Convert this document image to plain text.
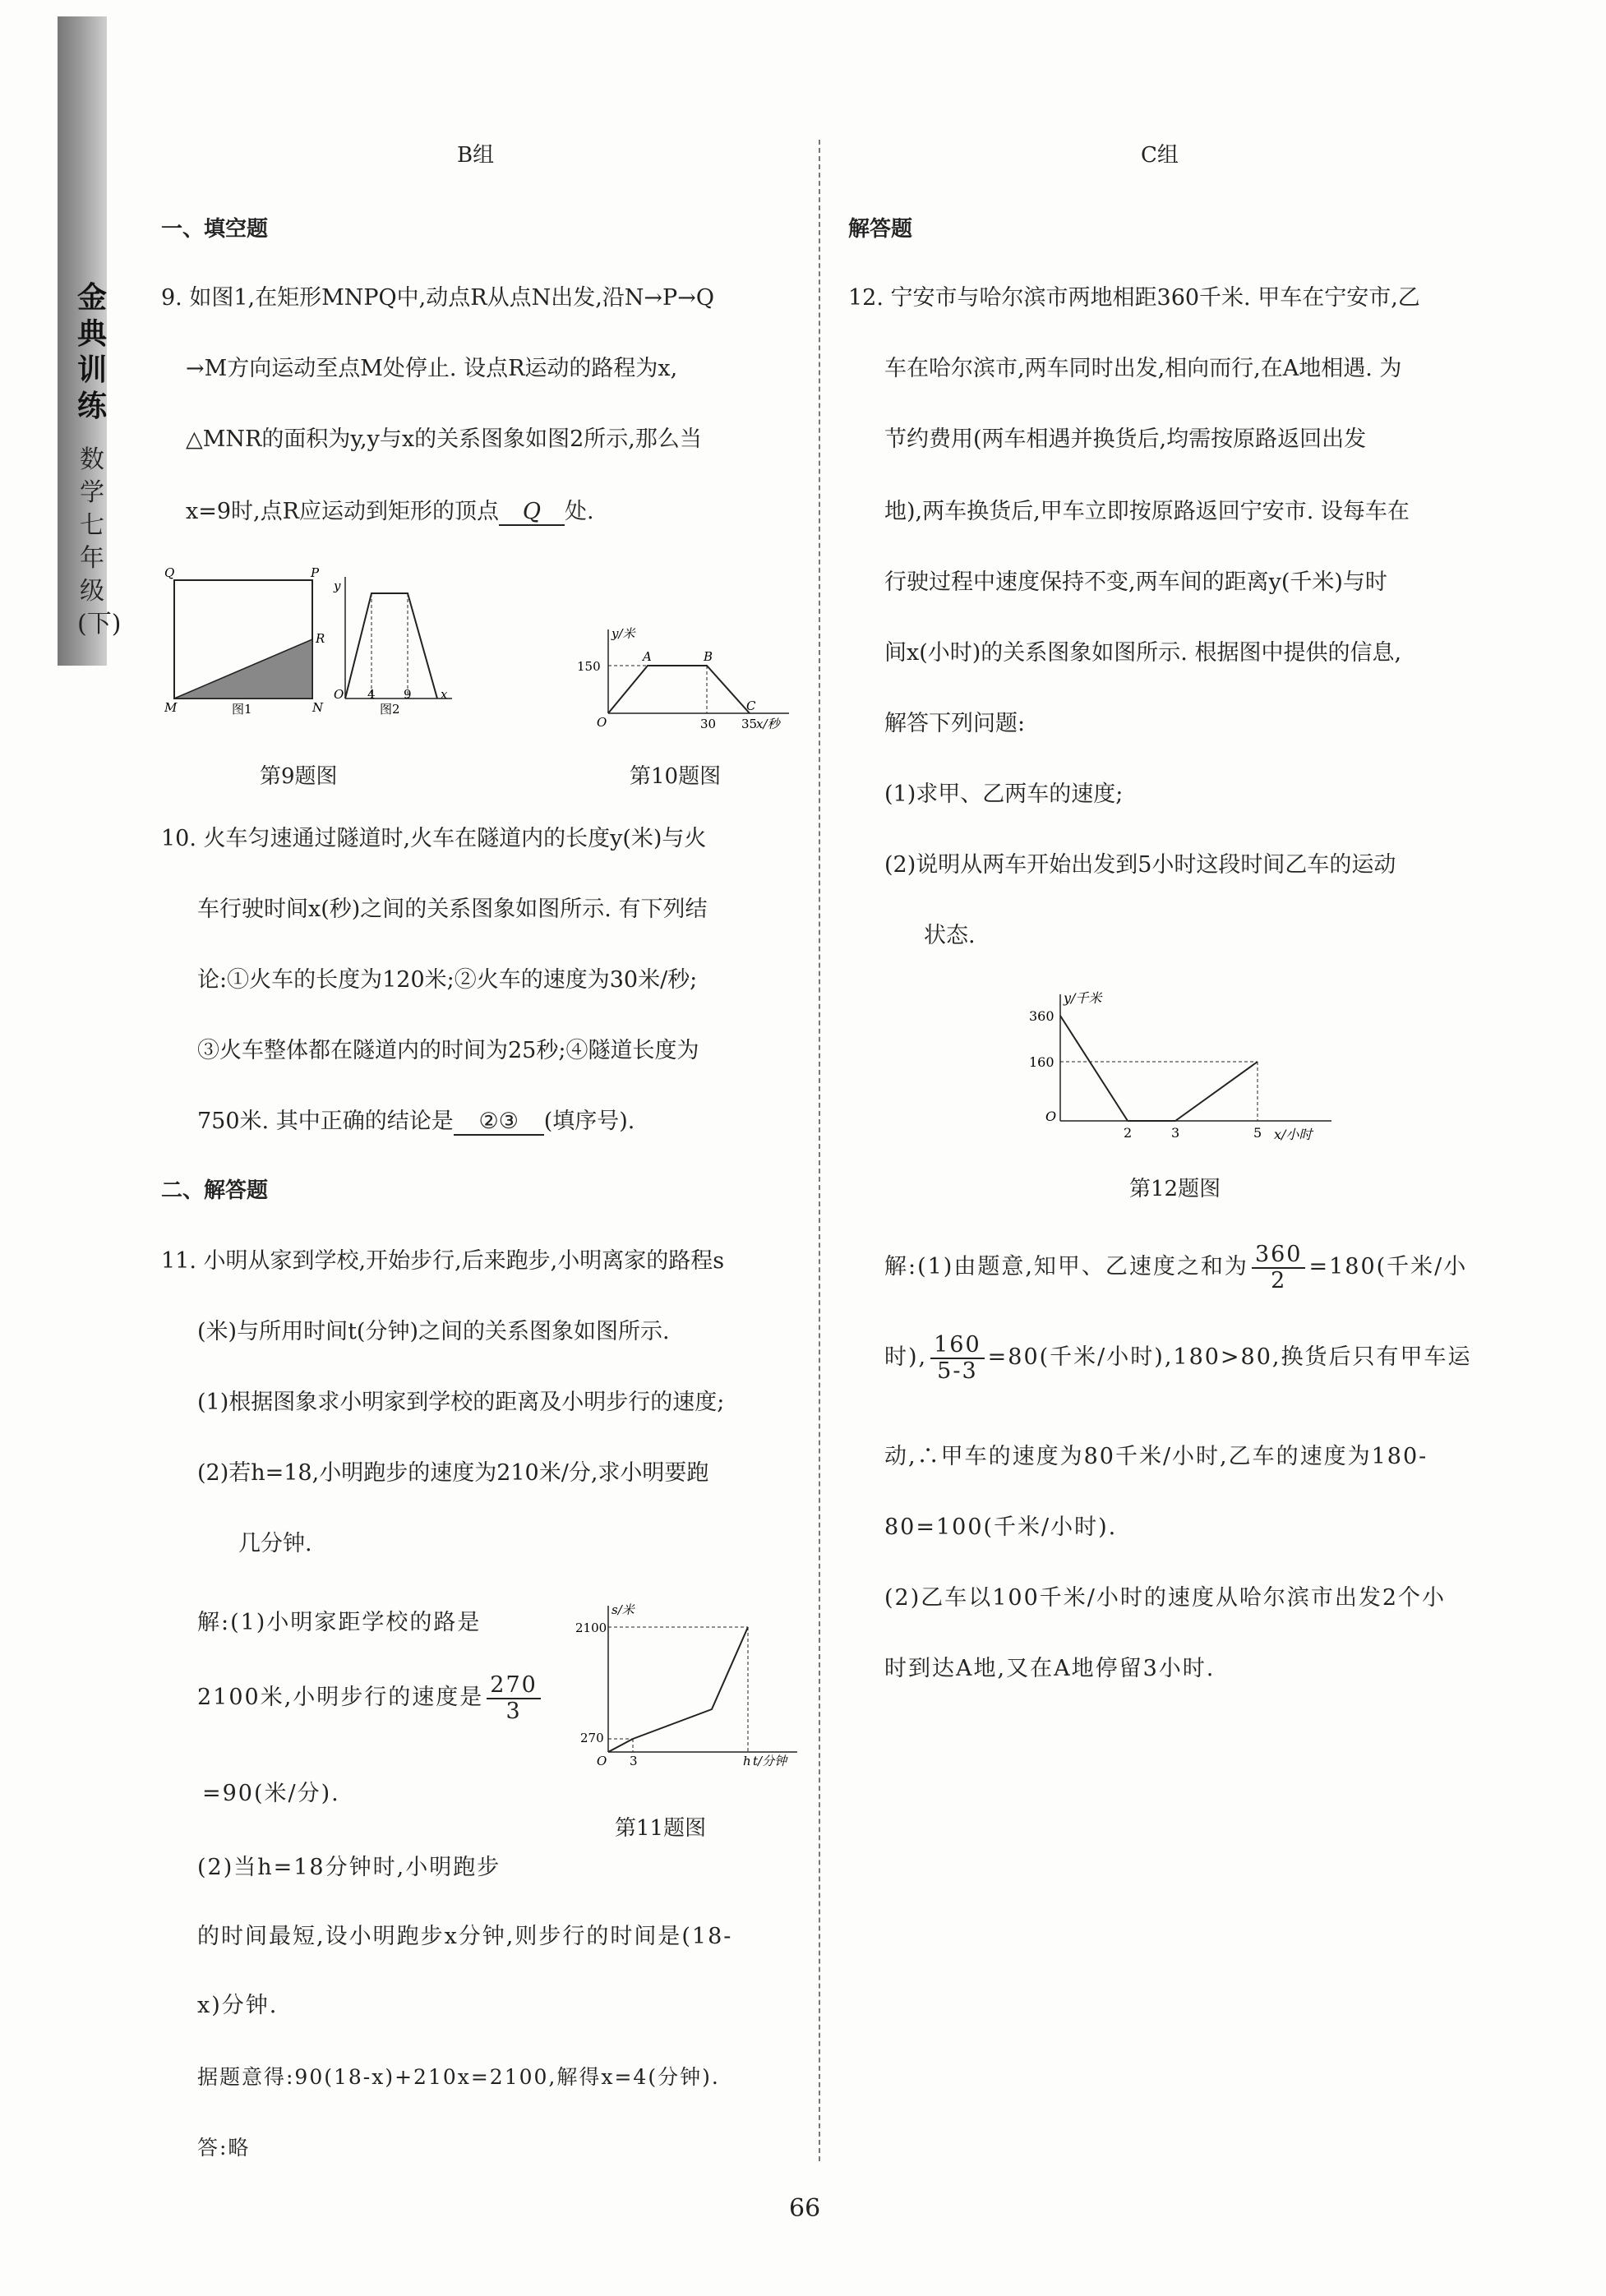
金典训练
数学 七年级(下)
B组
一、填空题
9. 如图1,在矩形MNPQ中,动点R从点N出发,沿N→P→Q
→M方向运动至点M处停止. 设点R运动的路程为x,
△MNR的面积为y,y与x的关系图象如图2所示,那么当
x=9时,点R应运动到矩形的顶点 Q 处.
Q	P
R
M	N
图1
y
O 4 9 x
图2
y/米
150
A	B
C
O	30 35
x/秒
第9题图	第10题图
10. 火车匀速通过隧道时,火车在隧道内的长度y(米)与火
车行驶时间x(秒)之间的关系图象如图所示. 有下列结
论:①火车的长度为120米;②火车的速度为30米/秒;
③火车整体都在隧道内的时间为25秒;④隧道长度为
750米. 其中正确的结论是 ②③ (填序号).
二、解答题
11. 小明从家到学校,开始步行,后来跑步,小明离家的路程s
(米)与所用时间t(分钟)之间的关系图象如图所示.
(1)根据图象求小明家到学校的距离及小明步行的速度;
(2)若h=18,小明跑步的速度为210米/分,求小明要跑
几分钟.
解:(1)小明家距学校的路是
2100米,小明步行的速度是 $\frac{270}{3}$
=90(米/分).
(2)当h=18分钟时,小明跑步
的时间最短,设小明跑步x分钟,则步行的时间是(18-
x)分钟.
据题意得:90(18-x)+210x=2100,解得x=4(分钟).
答:略
s/米
2100
270
O 3	h t/分钟
第11题图
C组
解答题
12. 宁安市与哈尔滨市两地相距360千米. 甲车在宁安市,乙
车在哈尔滨市,两车同时出发,相向而行,在A地相遇. 为
节约费用(两车相遇并换货后,均需按原路返回出发
地),两车换货后,甲车立即按原路返回宁安市. 设每车在
行驶过程中速度保持不变,两车间的距离y(千米)与时
间x(小时)的关系图象如图所示. 根据图中提供的信息,
解答下列问题:
(1)求甲、乙两车的速度;
(2)说明从两车开始出发到5小时这段时间乙车的运动
状态.
y/千米
360
160
O
2	3	5 x/小时
第12题图
解:(1)由题意,知甲、乙速度之和为 $\frac{360}{2} =180$(千米/小
时), $\frac{160}{5-3} =80$(千米/小时),180>80,换货后只有甲车运
动,∴甲车的速度为80千米/小时,乙车的速度为180-
80=100(千米/小时).
(2)乙车以100千米/小时的速度从哈尔滨市出发2个小
时到达A地,又在A地停留3小时.
66
